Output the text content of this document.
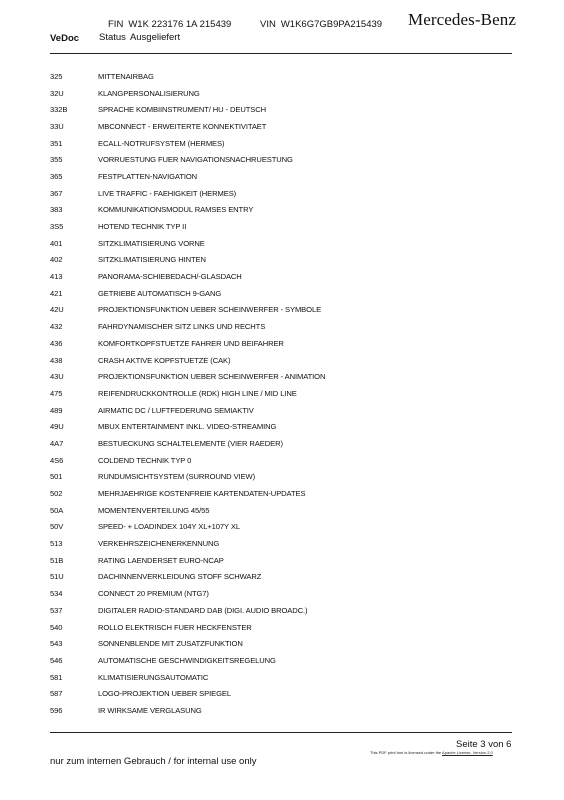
VeDoc
FIN W1K 223176 1A 215439
Status Ausgeliefert
VIN W1K6G7GB9PA215439 Mercedes-Benz
325	MITTENAIRBAG
32U	KLANGPERSONALISIERUNG
332B	SPRACHE KOMBIINSTRUMENT/ HU - DEUTSCH
33U	MBCONNECT - ERWEITERTE KONNEKTIVITAET
351	ECALL-NOTRUFSYSTEM (HERMES)
355	VORRUESTUNG FUER NAVIGATIONSNACHRUESTUNG
365	FESTPLATTEN-NAVIGATION
367	LIVE TRAFFIC - FAEHIGKEIT (HERMES)
383	KOMMUNIKATIONSMODUL RAMSES ENTRY
3S5	HOTEND TECHNIK TYP II
401	SITZKLIMATISIERUNG VORNE
402	SITZKLIMATISIERUNG HINTEN
413	PANORAMA-SCHIEBEDACH/-GLASDACH
421	GETRIEBE AUTOMATISCH 9-GANG
42U	PROJEKTIONSFUNKTION UEBER SCHEINWERFER - SYMBOLE
432	FAHRDYNAMISCHER SITZ LINKS UND RECHTS
436	KOMFORTKOPFSTUETZE FAHRER UND BEIFAHRER
438	CRASH AKTIVE KOPFSTUETZE (CAK)
43U	PROJEKTIONSFUNKTION UEBER SCHEINWERFER - ANIMATION
475	REIFENDRUCKKONTROLLE (RDK) HIGH LINE / MID LINE
489	AIRMATIC DC / LUFTFEDERUNG SEMIAKTIV
49U	MBUX ENTERTAINMENT INKL. VIDEO-STREAMING
4A7	BESTUECKUNG SCHALTELEMENTE (VIER RAEDER)
4S6	COLDEND TECHNIK TYP 0
501	RUNDUMSICHTSYSTEM (SURROUND VIEW)
502	MEHRJAEHRIGE KOSTENFREIE KARTENDATEN-UPDATES
50A	MOMENTENVERTEILUNG 45/55
50V	SPEED- + LOADINDEX 104Y XL+107Y XL
513	VERKEHRSZEICHENERKENNUNG
51B	RATING LAENDERSET EURO-NCAP
51U	DACHINNENVERKLEIDUNG STOFF SCHWARZ
534	CONNECT 20 PREMIUM (NTG7)
537	DIGITALER RADIO-STANDARD DAB (DIGI. AUDIO BROADC.)
540	ROLLO ELEKTRISCH FUER HECKFENSTER
543	SONNENBLENDE MIT ZUSATZFUNKTION
546	AUTOMATISCHE GESCHWINDIGKEITSREGELUNG
581	KLIMATISIERUNGSAUTOMATIC
587	LOGO-PROJEKTION UEBER SPIEGEL
596	IR WIRKSAME VERGLASUNG
Seite 3 von 6
This PDF print font is licensed under the Apache License, Version 2.0
nur zum internen Gebrauch / for internal use only
